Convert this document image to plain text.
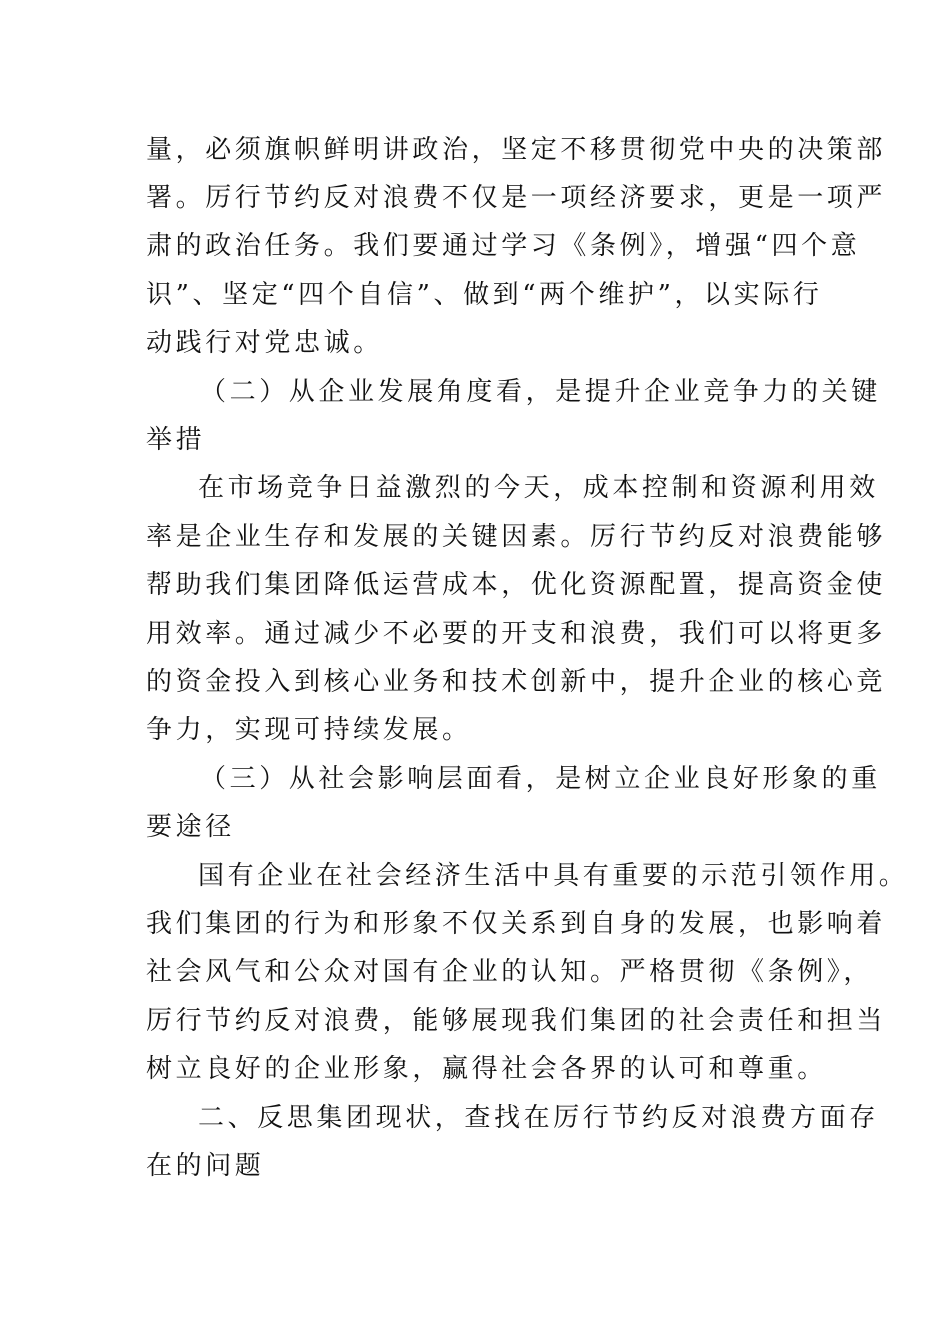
量，必须旗帜鲜明讲政治，坚定不移贯彻党中央的决策部
署。厉行节约反对浪费不仅是一项经济要求，更是一项严
肃的政治任务。我们要通过学习《条例》，增强“四个意
识”、坚定“四个自信”、做到“两个维护”，以实际行
动践行对党忠诚。
（二）从企业发展角度看，是提升企业竞争力的关键
举措
在市场竞争日益激烈的今天，成本控制和资源利用效
率是企业生存和发展的关键因素。厉行节约反对浪费能够
帮助我们集团降低运营成本，优化资源配置，提高资金使
用效率。通过减少不必要的开支和浪费，我们可以将更多
的资金投入到核心业务和技术创新中，提升企业的核心竞
争力，实现可持续发展。
（三）从社会影响层面看，是树立企业良好形象的重
要途径
国有企业在社会经济生活中具有重要的示范引领作用。
我们集团的行为和形象不仅关系到自身的发展，也影响着
社会风气和公众对国有企业的认知。严格贯彻《条例》，
厉行节约反对浪费，能够展现我们集团的社会责任和担当
树立良好的企业形象，赢得社会各界的认可和尊重。
二、反思集团现状，查找在厉行节约反对浪费方面存
在的问题
